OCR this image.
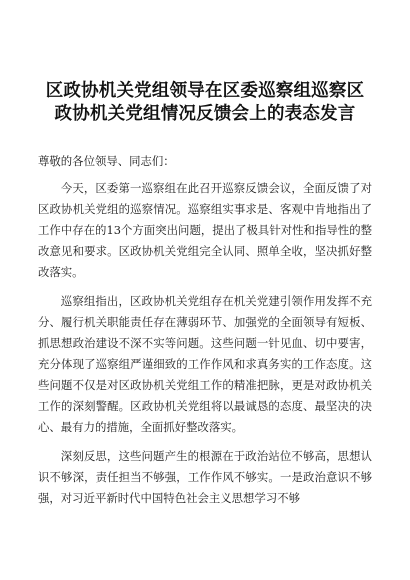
区政协机关党组领导在区委巡察组巡察区政协机关党组情况反馈会上的表态发言

尊敬的各位领导、同志们：

今天，区委第一巡察组在此召开巡察反馈会议，全面反馈了对区政协机关党组的巡察情况。巡察组实事求是、客观中肯地指出了工作中存在的13个方面突出问题，提出了极具针对性和指导性的整改意见和要求。区政协机关党组完全认同、照单全收，坚决抓好整改落实。

巡察组指出，区政协机关党组存在机关党建引领作用发挥不充分、履行机关职能责任存在薄弱环节、加强党的全面领导有短板、抓思想政治建设不深不实等问题。这些问题一针见血、切中要害，充分体现了巡察组严谨细致的工作作风和求真务实的工作态度。这些问题不仅是对区政协机关党组工作的精准把脉，更是对政协机关工作的深刻警醒。区政协机关党组将以最诚恳的态度、最坚决的决心、最有力的措施，全面抓好整改落实。

深刻反思，这些问题产生的根源在于政治站位不够高，思想认识不够深，责任担当不够强，工作作风不够实。一是政治意识不够强，对习近平新时代中国特色社会主义思想学习不够
